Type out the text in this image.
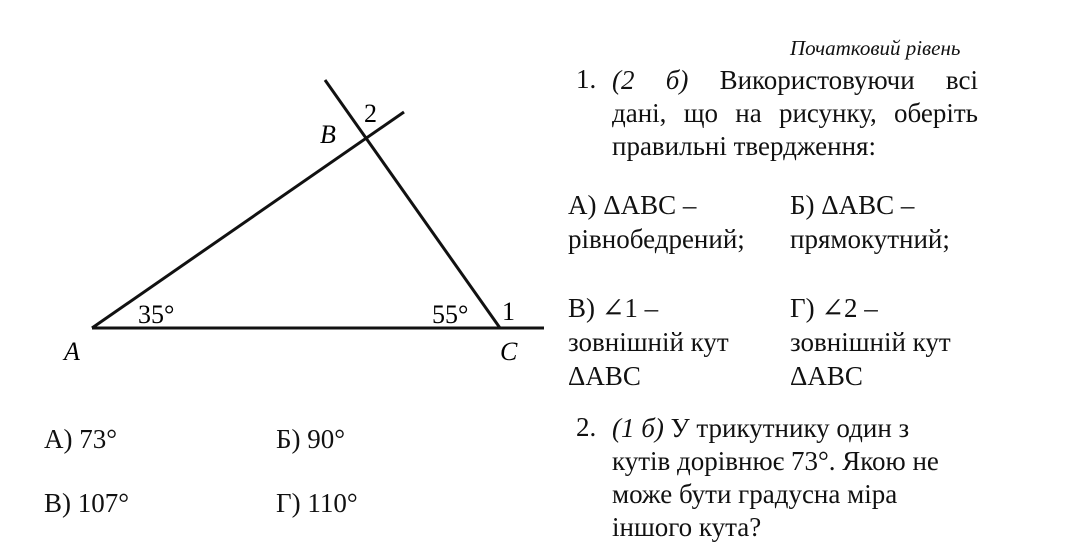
A
B
C
35°	55° 1
2
А) 73°	Б) 90°
В) 107°	Г) 110°
Початковий рівень
1. (2 б) Використовуючи всі
дані, що на рисунку, оберіть
правильні твердження:
А) ΔABC –
рівнобедрений;
Б) ΔABC –
прямокутний;
В) ∠1 –
зовнішній кут
ΔABC
Г) ∠2 –
зовнішній кут
ΔABC
2. (1 б) У трикутнику один з
кутів дорівнює 73°. Якою не
може бути градусна міра
іншого кута?
